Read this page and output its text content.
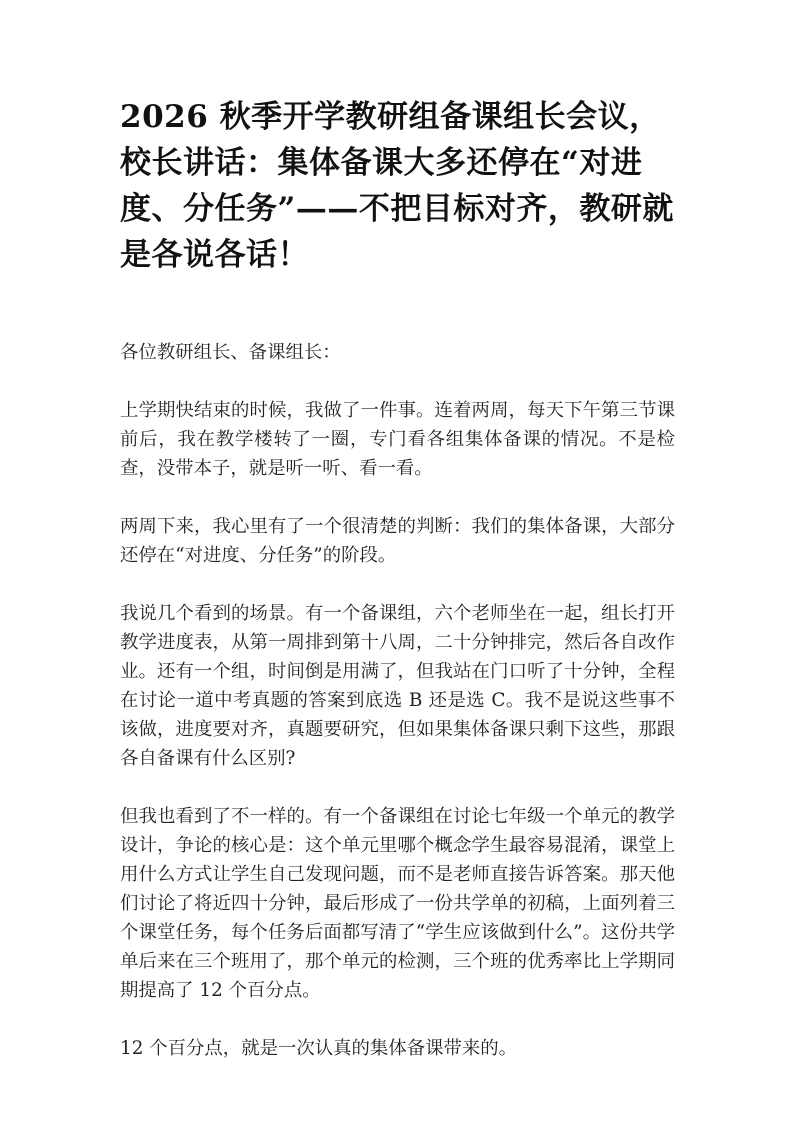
2026 秋季开学教研组备课组长会议，校长讲话：集体备课大多还停在“对进度、分任务”——不把目标对齐，教研就是各说各话！

各位教研组长、备课组长：

上学期快结束的时候，我做了一件事。连着两周，每天下午第三节课前后，我在教学楼转了一圈，专门看各组集体备课的情况。不是检查，没带本子，就是听一听、看一看。

两周下来，我心里有了一个很清楚的判断：我们的集体备课，大部分还停在“对进度、分任务”的阶段。

我说几个看到的场景。有一个备课组，六个老师坐在一起，组长打开教学进度表，从第一周排到第十八周，二十分钟排完，然后各自改作业。还有一个组，时间倒是用满了，但我站在门口听了十分钟，全程在讨论一道中考真题的答案到底选 B 还是选 C。我不是说这些事不该做，进度要对齐，真题要研究，但如果集体备课只剩下这些，那跟各自备课有什么区别?

但我也看到了不一样的。有一个备课组在讨论七年级一个单元的教学设计，争论的核心是：这个单元里哪个概念学生最容易混淆，课堂上用什么方式让学生自己发现问题，而不是老师直接告诉答案。那天他们讨论了将近四十分钟，最后形成了一份共学单的初稿，上面列着三个课堂任务，每个任务后面都写清了“学生应该做到什么”。这份共学单后来在三个班用了，那个单元的检测，三个班的优秀率比上学期同期提高了 12 个百分点。

12 个百分点，就是一次认真的集体备课带来的。
